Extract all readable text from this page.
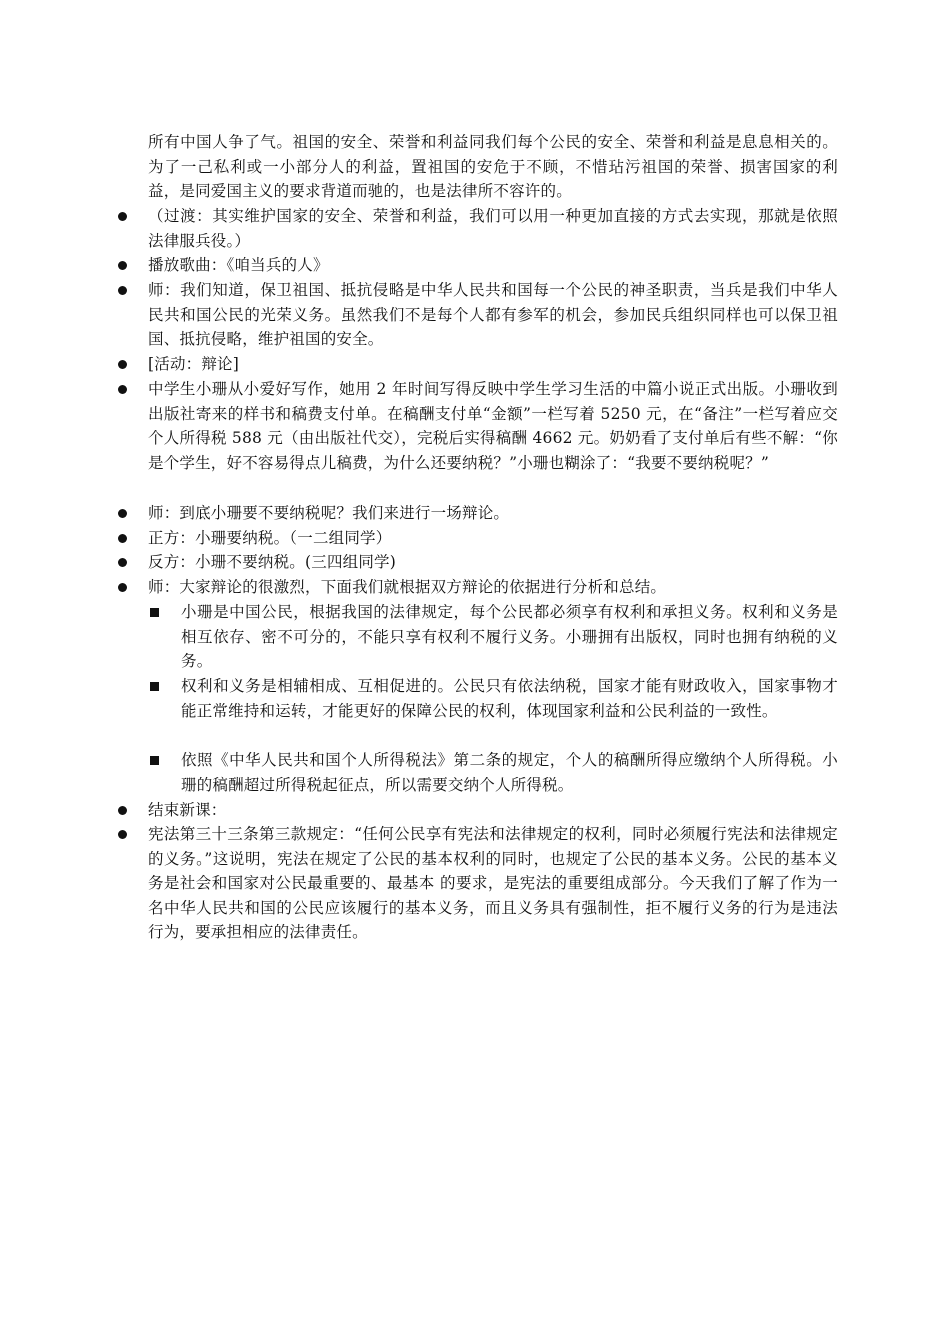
所有中国人争了气。祖国的安全、荣誉和利益同我们每个公民的安全、荣誉和利益是息息相关的。为了一己私利或一小部分人的利益，置祖国的安危于不顾，不惜玷污祖国的荣誉、损害国家的利益，是同爱国主义的要求背道而驰的，也是法律所不容许的。
（过渡：其实维护国家的安全、荣誉和利益，我们可以用一种更加直接的方式去实现，那就是依照法律服兵役。）
播放歌曲：《咱当兵的人》
师：我们知道，保卫祖国、抵抗侵略是中华人民共和国每一个公民的神圣职责，当兵是我们中华人民共和国公民的光荣义务。虽然我们不是每个人都有参军的机会，参加民兵组织同样也可以保卫祖国、抵抗侵略，维护祖国的安全。
[活动：辩论]
中学生小珊从小爱好写作，她用 2 年时间写得反映中学生学习生活的中篇小说正式出版。小珊收到出版社寄来的样书和稿费支付单。在稿酬支付单“金额”一栏写着 5250 元，在“备注”一栏写着应交个人所得税 588 元（由出版社代交），完税后实得稿酬 4662 元。奶奶看了支付单后有些不解：“你是个学生，好不容易得点儿稿费，为什么还要纳税？”小珊也糊涂了：“我要不要纳税呢？”
师：到底小珊要不要纳税呢？我们来进行一场辩论。
正方：小珊要纳税。（一二组同学）
反方：小珊不要纳税。(三四组同学)
师：大家辩论的很激烈，下面我们就根据双方辩论的依据进行分析和总结。
小珊是中国公民，根据我国的法律规定，每个公民都必须享有权利和承担义务。权利和义务是相互依存、密不可分的，不能只享有权利不履行义务。小珊拥有出版权，同时也拥有纳税的义务。
权利和义务是相辅相成、互相促进的。公民只有依法纳税，国家才能有财政收入，国家事物才能正常维持和运转，才能更好的保障公民的权利，体现国家利益和公民利益的一致性。
依照《中华人民共和国个人所得税法》第二条的规定，个人的稿酬所得应缴纳个人所得税。小珊的稿酬超过所得税起征点，所以需要交纳个人所得税。
结束新课：
宪法第三十三条第三款规定：“任何公民享有宪法和法律规定的权利，同时必须履行宪法和法律规定的义务。”这说明，宪法在规定了公民的基本权利的同时，也规定了公民的基本义务。公民的基本义务是社会和国家对公民最重要的、最基本 的要求，是宪法的重要组成部分。今天我们了解了作为一名中华人民共和国的公民应该履行的基本义务，而且义务具有强制性，拒不履行义务的行为是违法行为，要承担相应的法律责任。
